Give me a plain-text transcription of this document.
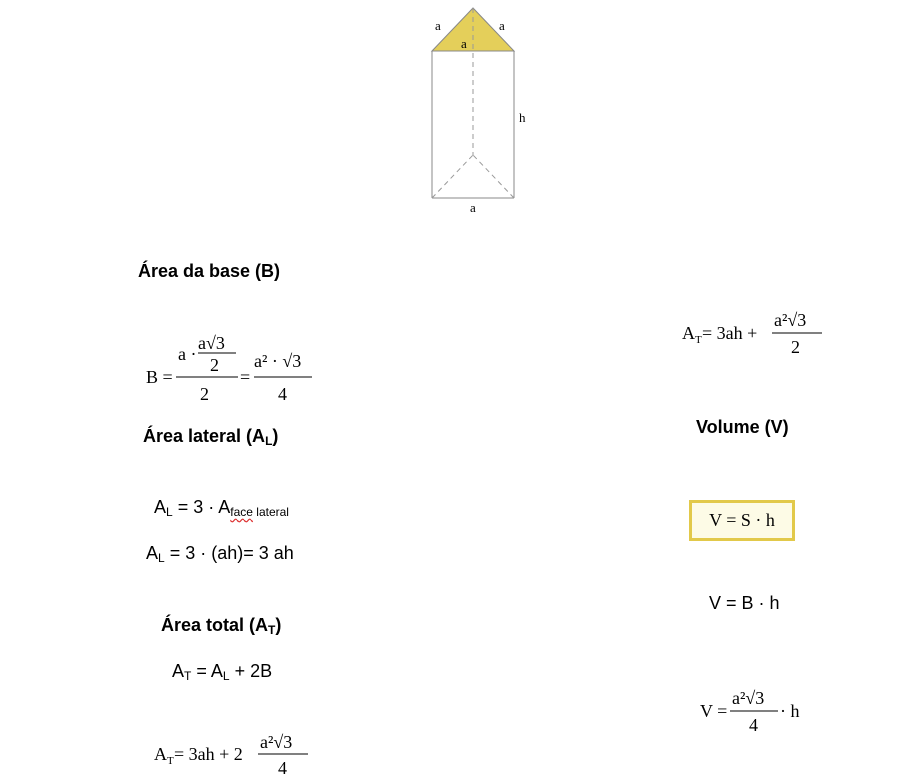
a	a
a
h
a
Área da base (B)
B =
a ·
a√3
2
2
=
a² · √3
4
Área lateral $(A_L)$
$A_L = 3 \cdot A_{face lateral}$
$A_L = 3 \cdot (ah)= 3$ ah
Área total $(A_T)$
$A_T = A_L + 2B$
A T = 3ah + 2
a²√3
4
A T = 3ah +
a²√3
2
Volume (V)
V = S · h
V = B · h
V =
a²√3
4
· h
